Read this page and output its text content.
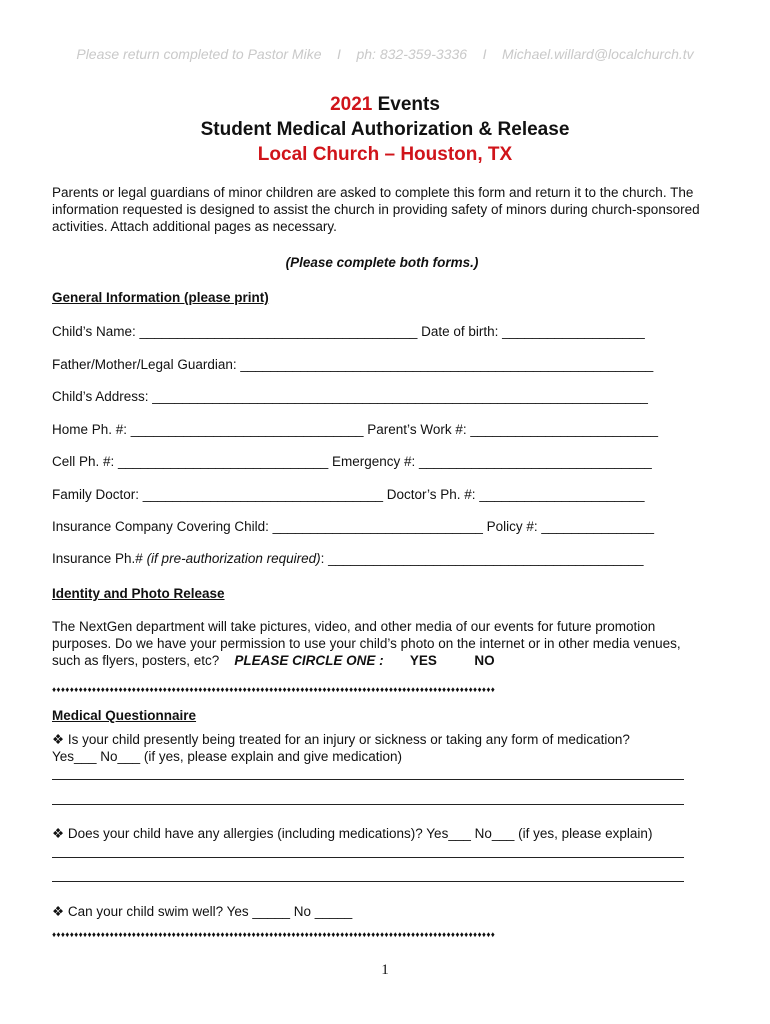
Please return completed to Pastor Mike    I    ph: 832-359-3336    I    Michael.willard@localchurch.tv
2021 Events
Student Medical Authorization & Release
Local Church – Houston, TX
Parents or legal guardians of minor children are asked to complete this form and return it to the church. The information requested is designed to assist the church in providing safety of minors during church-sponsored activities. Attach additional pages as necessary.
(Please complete both forms.)
General Information (please print)
Child’s Name: _____________________________________ Date of birth: ___________________
Father/Mother/Legal Guardian: _______________________________________________________
Child’s Address: __________________________________________________________________
Home Ph. #: _______________________________ Parent’s Work #: _________________________
Cell Ph. #: ____________________________ Emergency #: _______________________________
Family Doctor: ________________________________ Doctor’s Ph. #: ______________________
Insurance Company Covering Child: ____________________________ Policy #: _______________
Insurance Ph.# (if pre-authorization required): __________________________________________
Identity and Photo Release
The NextGen department will take pictures, video, and other media of our events for future promotion purposes. Do we have your permission to use your child’s photo on the internet or in other media venues, such as flyers, posters, etc? PLEASE CIRCLE ONE : YES	NO
♦♦♦♦♦♦♦♦♦♦♦♦♦♦♦♦♦♦♦♦♦♦♦♦♦♦♦♦♦♦♦♦♦♦♦♦♦♦♦♦♦♦♦♦♦♦♦♦♦♦♦♦♦♦♦♦♦♦♦♦♦♦♦♦♦♦♦♦♦♦♦♦♦♦♦♦♦♦♦♦♦♦♦♦♦♦♦♦♦♦♦♦♦♦♦♦♦♦♦♦
Medical Questionnaire
❖ Is your child presently being treated for an injury or sickness or taking any form of medication?
Yes___ No___ (if yes, please explain and give medication)
❖ Does your child have any allergies (including medications)? Yes___ No___ (if yes, please explain)
❖ Can your child swim well? Yes _____ No _____
♦♦♦♦♦♦♦♦♦♦♦♦♦♦♦♦♦♦♦♦♦♦♦♦♦♦♦♦♦♦♦♦♦♦♦♦♦♦♦♦♦♦♦♦♦♦♦♦♦♦♦♦♦♦♦♦♦♦♦♦♦♦♦♦♦♦♦♦♦♦♦♦♦♦♦♦♦♦♦♦♦♦♦♦♦♦♦♦♦♦♦♦♦♦♦♦♦♦♦♦
1
